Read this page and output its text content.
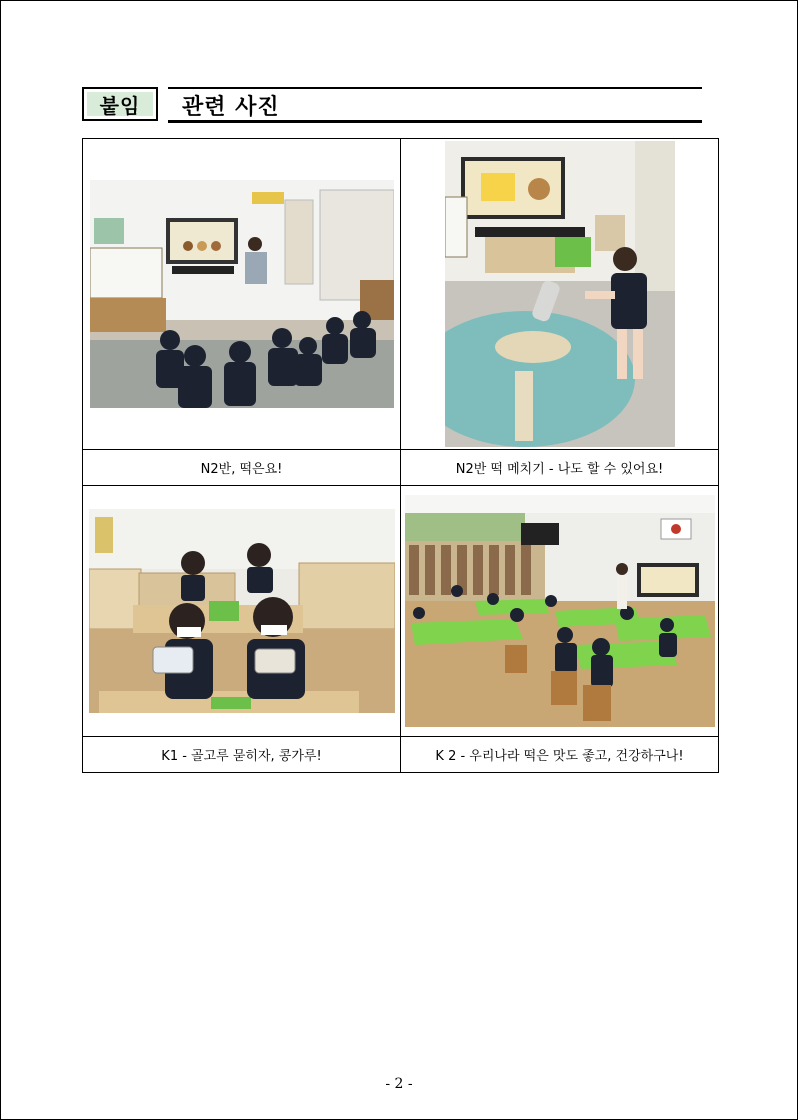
붙임	관련 사진

N2반, 떡은요!	N2반 떡 메치기 - 나도 할 수 있어요!

K1 - 골고루 묻히자, 콩가루!	K 2 - 우리나라 떡은 맛도 좋고, 건강하구나!
- 2 -
